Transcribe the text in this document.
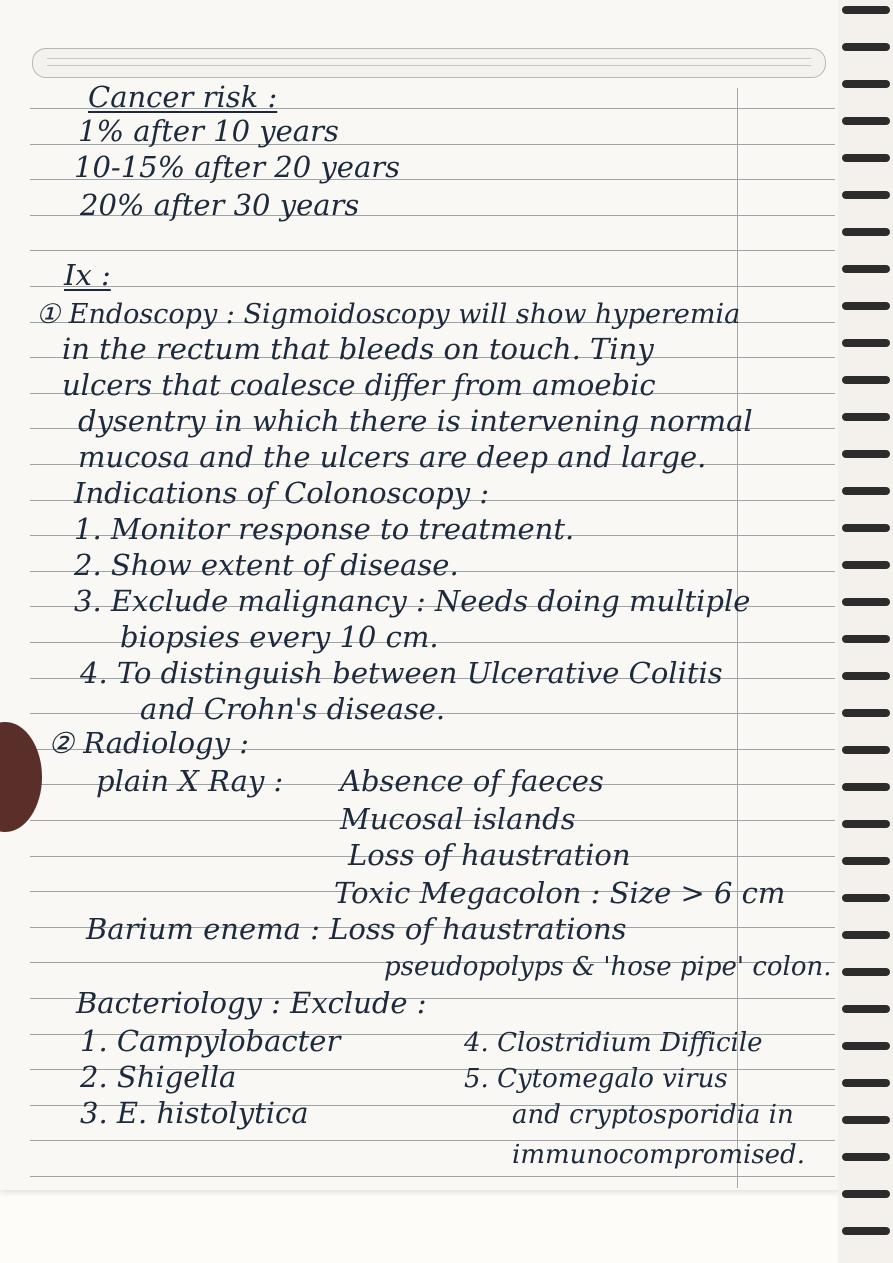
Cancer risk :
1% after 10 years
10-15% after 20 years
20% after 30 years
Ix :
① Endoscopy : Sigmoidoscopy will show hyperemia
in the rectum that bleeds on touch. Tiny
ulcers that coalesce differ from amoebic
dysentry in which there is intervening normal
mucosa and the ulcers are deep and large.
Indications of Colonoscopy :
1. Monitor response to treatment.
2. Show extent of disease.
3. Exclude malignancy : Needs doing multiple
biopsies every 10 cm.
4. To distinguish between Ulcerative Colitis
and Crohn's disease.
② Radiology :
plain X Ray : Absence of faeces
Mucosal islands
Loss of haustration
Toxic Megacolon : Size > 6 cm
Barium enema : Loss of haustrations
pseudopolyps & 'hose pipe' colon.
Bacteriology : Exclude :
1. Campylobacter
2. Shigella
3. E. histolytica
4. Clostridium Difficile
5. Cytomegalo virus
and cryptosporidia in
immunocompromised.
